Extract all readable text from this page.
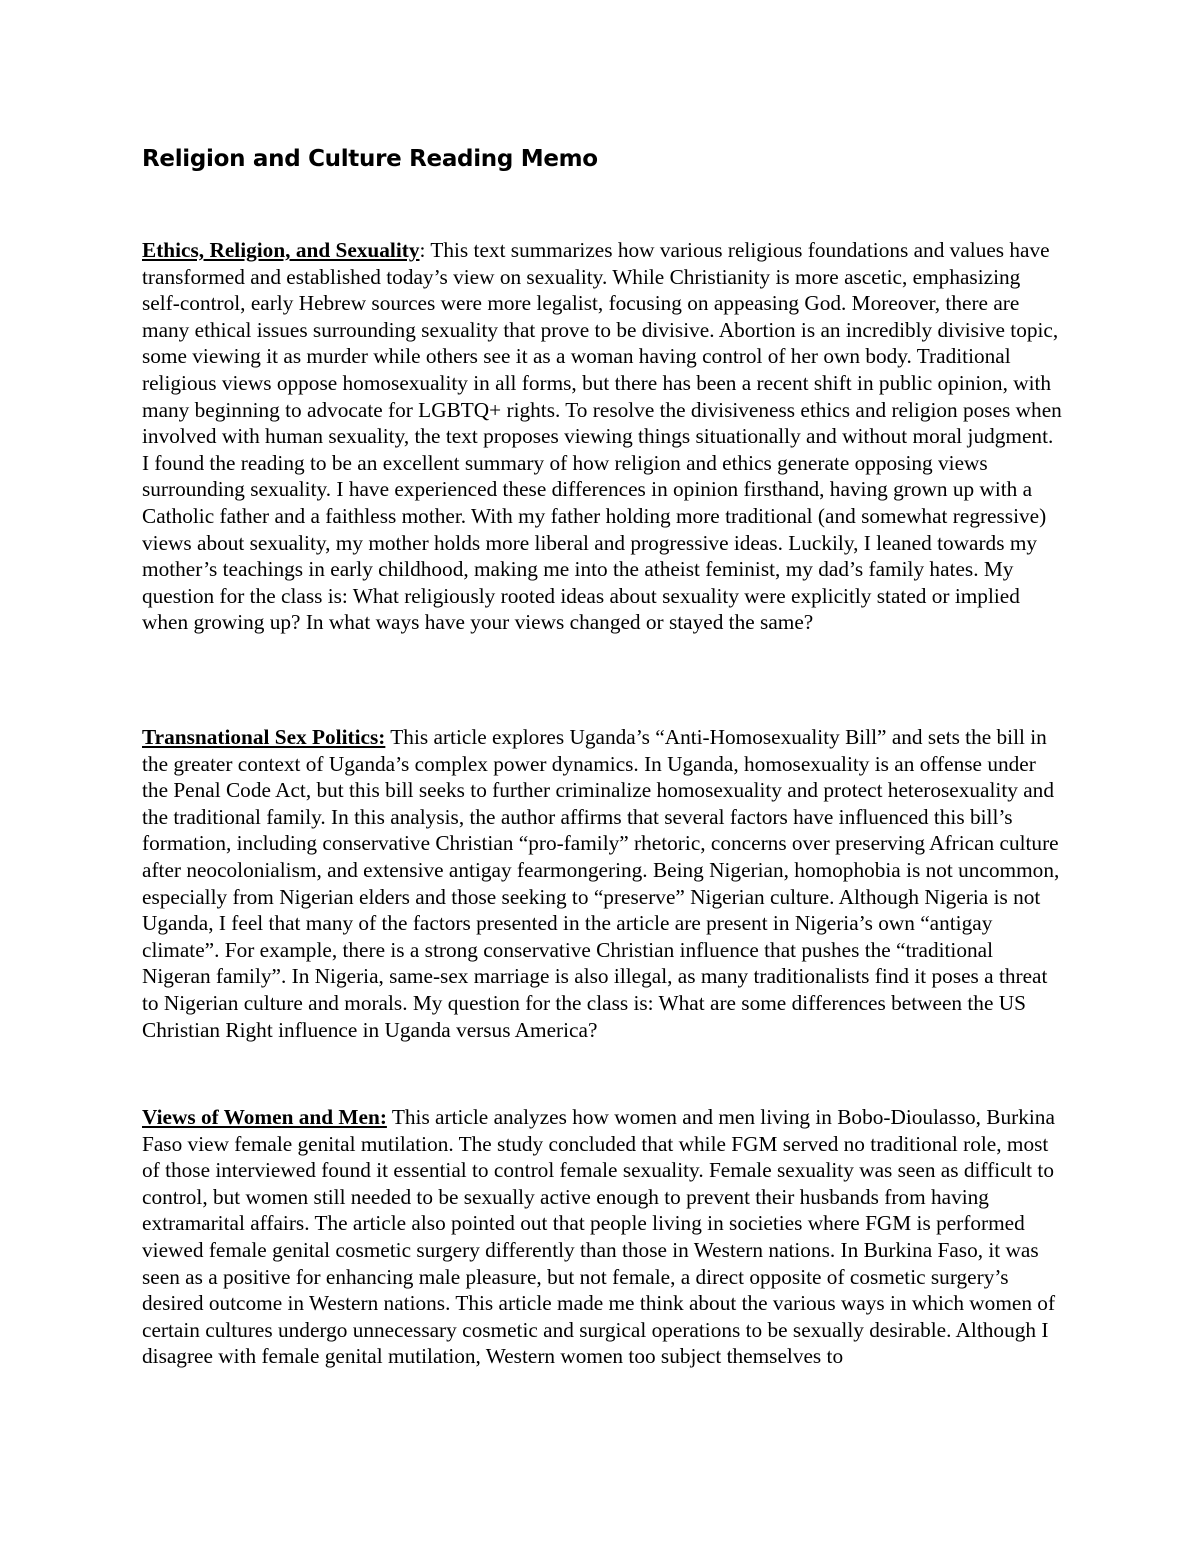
Religion and Culture Reading Memo

Ethics, Religion, and Sexuality: This text summarizes how various religious foundations and values have transformed and established today’s view on sexuality. While Christianity is more ascetic, emphasizing self-control, early Hebrew sources were more legalist, focusing on appeasing God. Moreover, there are many ethical issues surrounding sexuality that prove to be divisive. Abortion is an incredibly divisive topic, some viewing it as murder while others see it as a woman having control of her own body. Traditional religious views oppose homosexuality in all forms, but there has been a recent shift in public opinion, with many beginning to advocate for LGBTQ+ rights. To resolve the divisiveness ethics and religion poses when involved with human sexuality, the text proposes viewing things situationally and without moral judgment. I found the reading to be an excellent summary of how religion and ethics generate opposing views surrounding sexuality. I have experienced these differences in opinion firsthand, having grown up with a Catholic father and a faithless mother. With my father holding more traditional (and somewhat regressive) views about sexuality, my mother holds more liberal and progressive ideas. Luckily, I leaned towards my mother’s teachings in early childhood, making me into the atheist feminist, my dad’s family hates. My question for the class is: What religiously rooted ideas about sexuality were explicitly stated or implied when growing up? In what ways have your views changed or stayed the same?

Transnational Sex Politics: This article explores Uganda’s “Anti-Homosexuality Bill” and sets the bill in the greater context of Uganda’s complex power dynamics. In Uganda, homosexuality is an offense under the Penal Code Act, but this bill seeks to further criminalize homosexuality and protect heterosexuality and the traditional family. In this analysis, the author affirms that several factors have influenced this bill’s formation, including conservative Christian “pro-family” rhetoric, concerns over preserving African culture after neocolonialism, and extensive antigay fearmongering. Being Nigerian, homophobia is not uncommon, especially from Nigerian elders and those seeking to “preserve” Nigerian culture. Although Nigeria is not Uganda, I feel that many of the factors presented in the article are present in Nigeria’s own “antigay climate”. For example, there is a strong conservative Christian influence that pushes the “traditional Nigeran family”. In Nigeria, same-sex marriage is also illegal, as many traditionalists find it poses a threat to Nigerian culture and morals. My question for the class is: What are some differences between the US Christian Right influence in Uganda versus America?

Views of Women and Men: This article analyzes how women and men living in Bobo-Dioulasso, Burkina Faso view female genital mutilation. The study concluded that while FGM served no traditional role, most of those interviewed found it essential to control female sexuality. Female sexuality was seen as difficult to control, but women still needed to be sexually active enough to prevent their husbands from having extramarital affairs. The article also pointed out that people living in societies where FGM is performed viewed female genital cosmetic surgery differently than those in Western nations. In Burkina Faso, it was seen as a positive for enhancing male pleasure, but not female, a direct opposite of cosmetic surgery’s desired outcome in Western nations. This article made me think about the various ways in which women of certain cultures undergo unnecessary cosmetic and surgical operations to be sexually desirable. Although I disagree with female genital mutilation, Western women too subject themselves to
